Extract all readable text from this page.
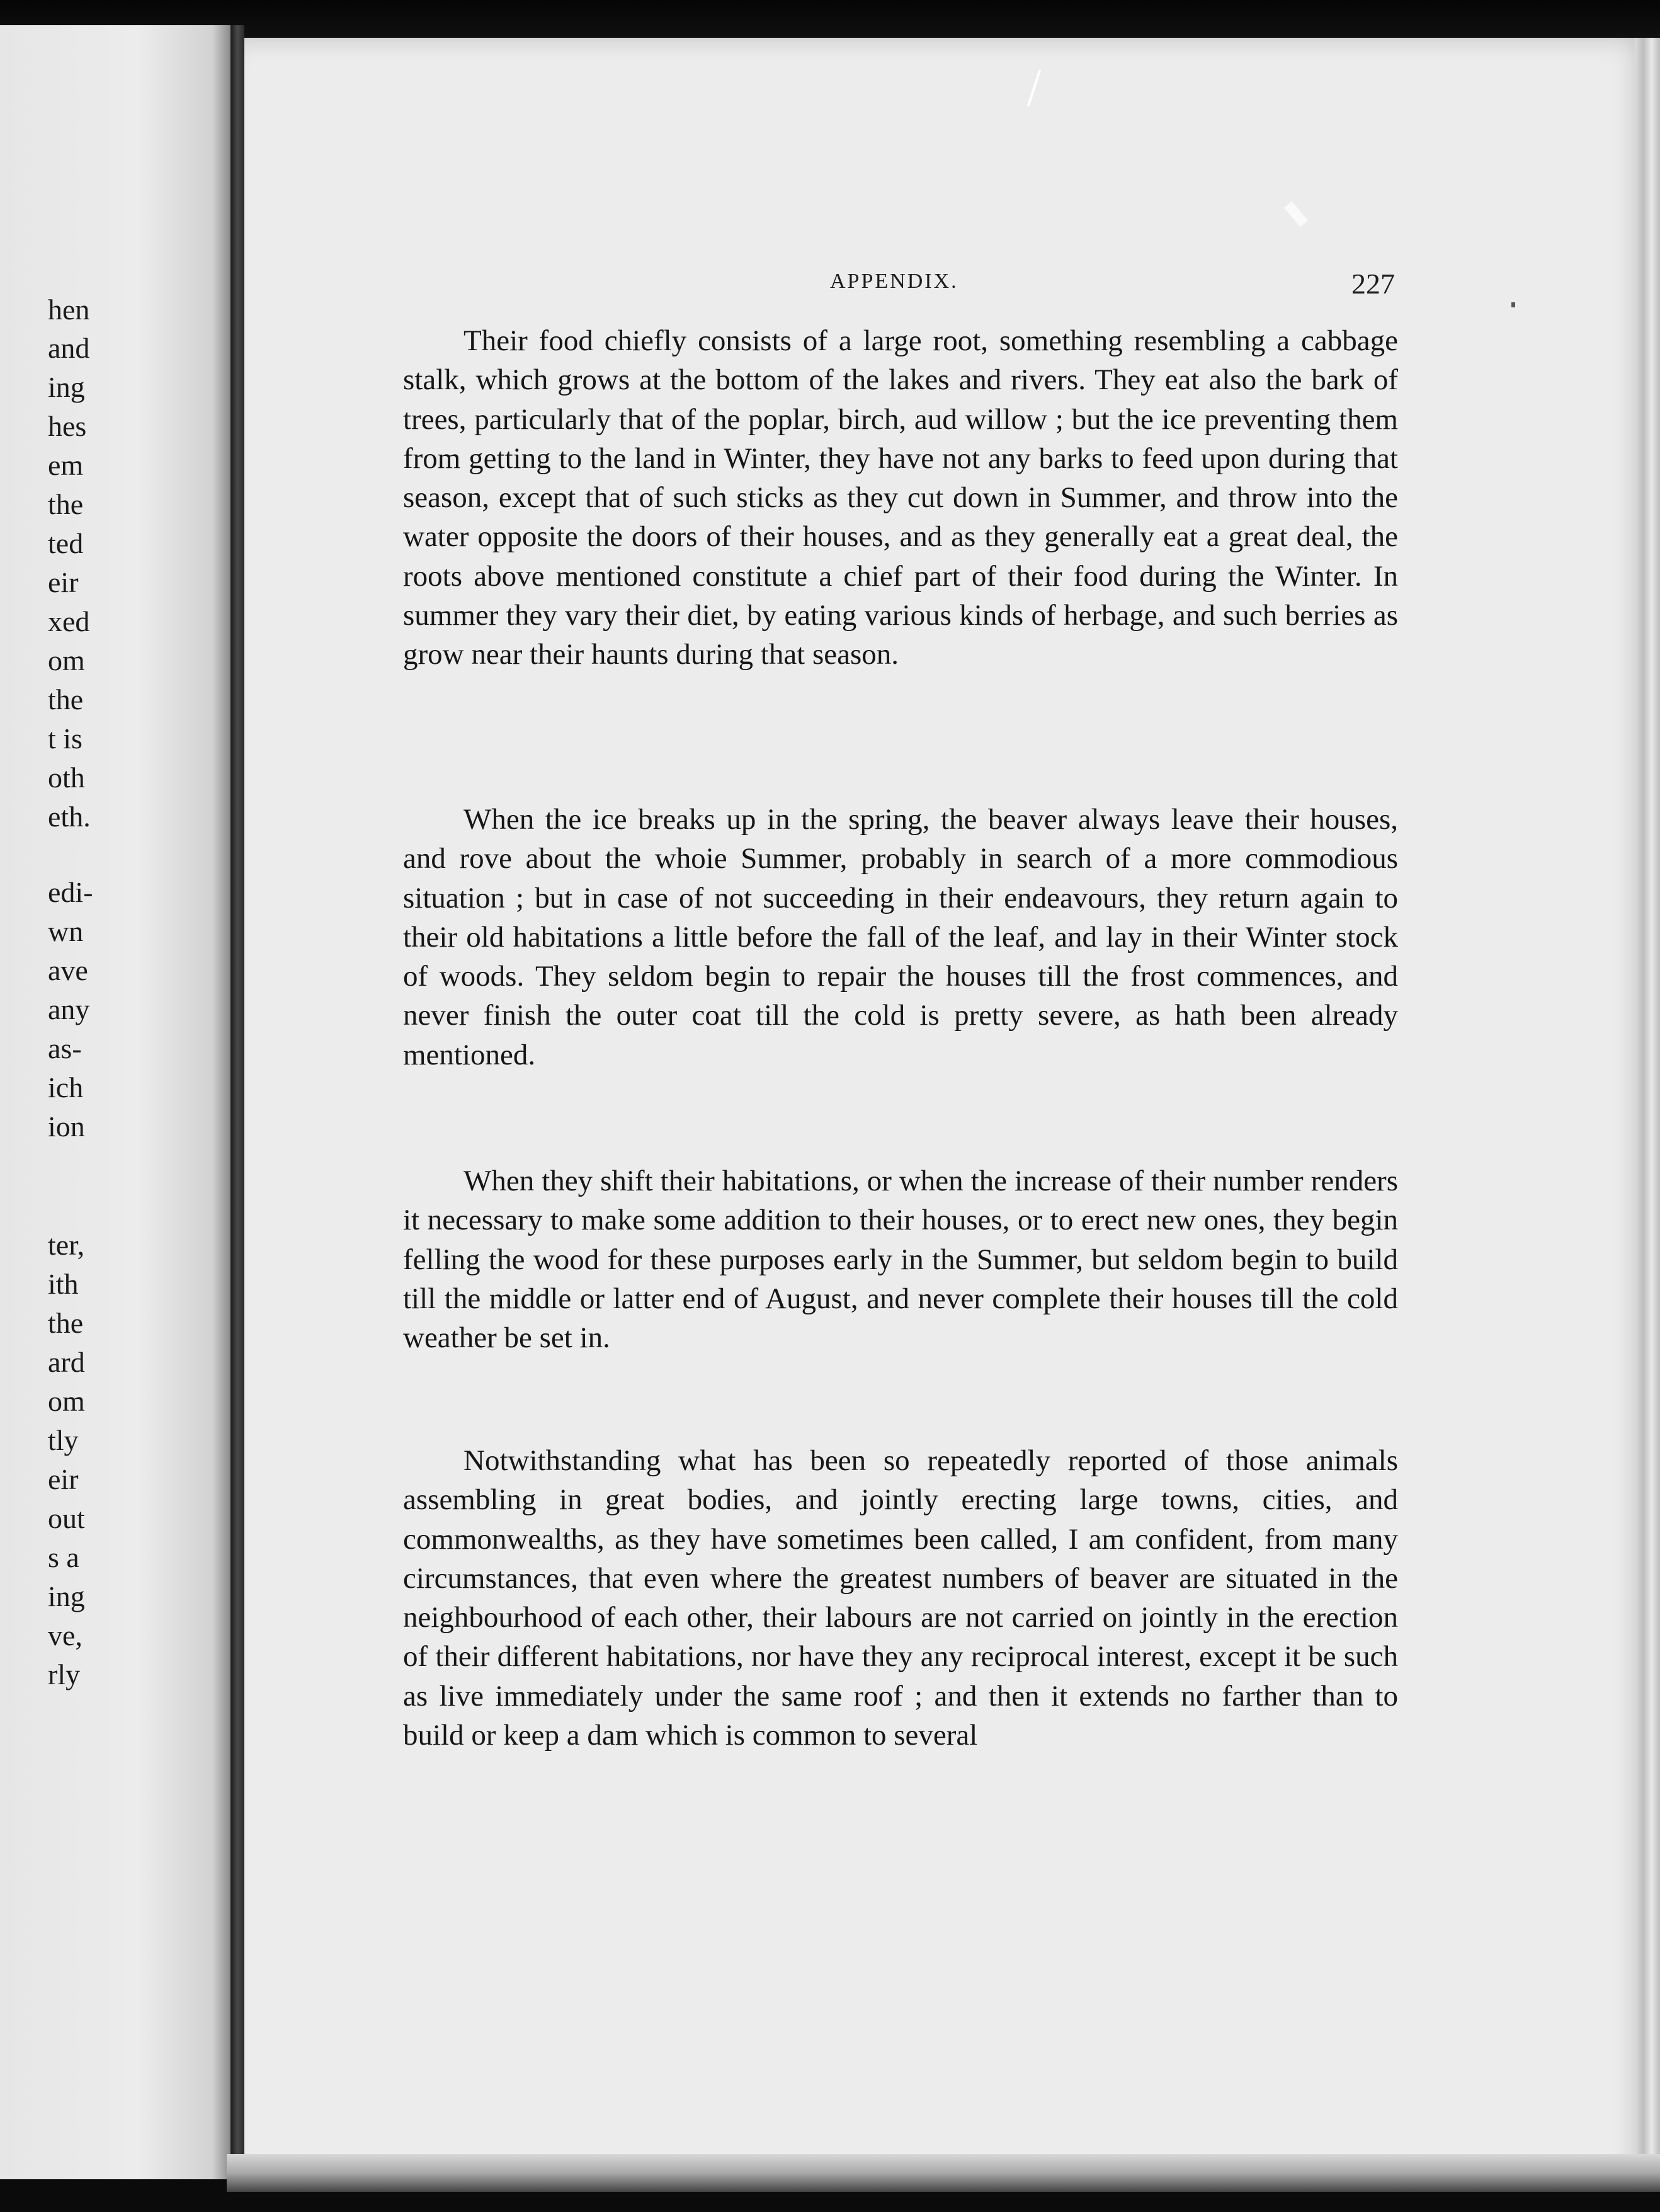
hen
and
ing
hes
em
the
ted
eir
xed
om
the
t is
oth
eth.
edi-
wn
ave
any
as-
ich
ion
ter,
ith
the
ard
om
tly
eir
out
s a
ing
ve,
rly
APPENDIX.	227

Their food chiefly consists of a large root, something resembling a cabbage stalk, which grows at the bottom of the lakes and rivers. They eat also the bark of trees, particularly that of the poplar, birch, aud willow ; but the ice preventing them from getting to the land in Winter, they have not any barks to feed upon during that season, except that of such sticks as they cut down in Summer, and throw into the water opposite the doors of their houses, and as they generally eat a great deal, the roots above mentioned constitute a chief part of their food during the Winter. In summer they vary their diet, by eating various kinds of herbage, and such berries as grow near their haunts during that season.

When the ice breaks up in the spring, the beaver always leave their houses, and rove about the whoie Summer, probably in search of a more commodious situation ; but in case of not succeeding in their endeavours, they return again to their old habitations a little before the fall of the leaf, and lay in their Winter stock of woods. They seldom begin to repair the houses till the frost commences, and never finish the outer coat till the cold is pretty severe, as hath been already mentioned.

When they shift their habitations, or when the increase of their number renders it necessary to make some addition to their houses, or to erect new ones, they begin felling the wood for these purposes early in the Summer, but seldom begin to build till the middle or latter end of August, and never complete their houses till the cold weather be set in.

Notwithstanding what has been so repeatedly reported of those animals assembling in great bodies, and jointly erecting large towns, cities, and commonwealths, as they have sometimes been called, I am confident, from many circumstances, that even where the greatest numbers of beaver are situated in the neighbourhood of each other, their labours are not carried on jointly in the erection of their different habitations, nor have they any reciprocal interest, except it be such as live immediately under the same roof ; and then it extends no farther than to build or keep a dam which is common to several
